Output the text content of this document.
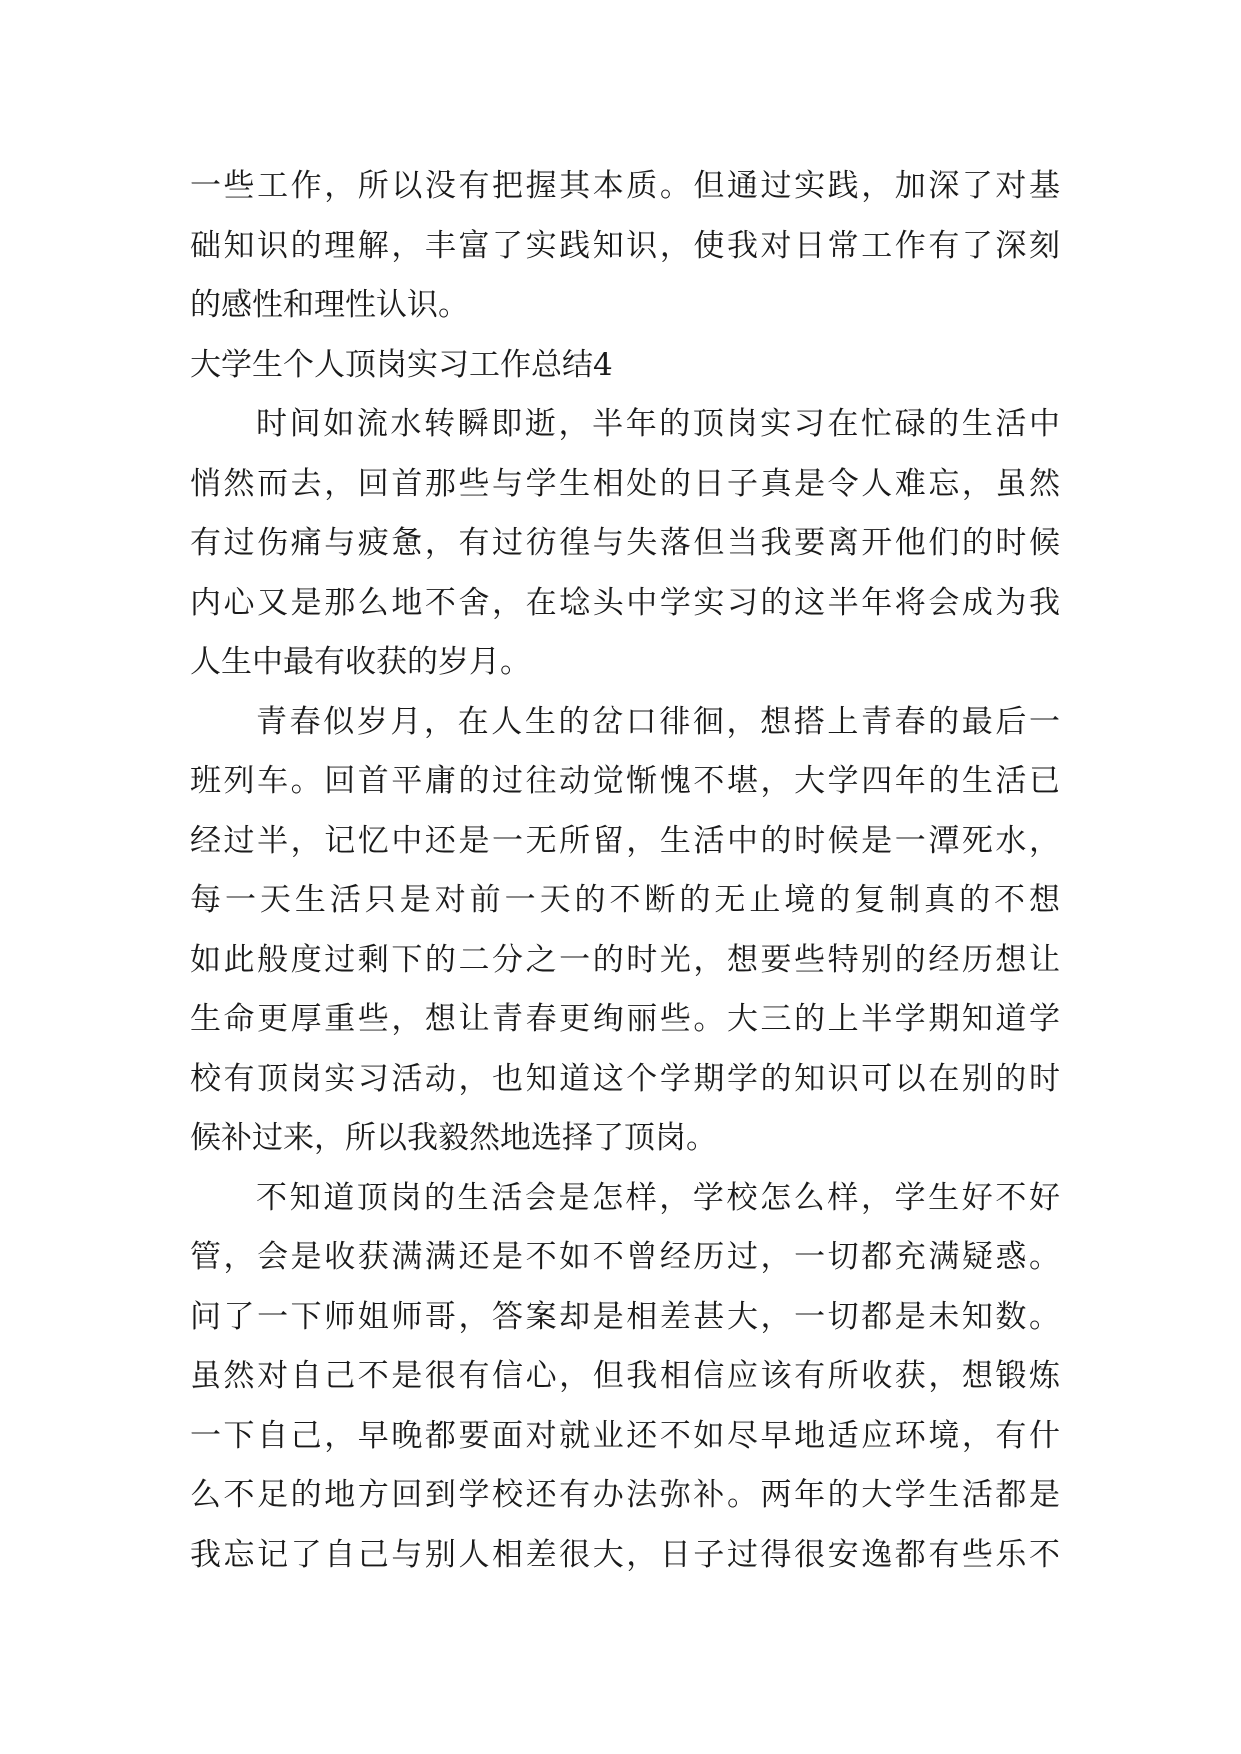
一些工作，所以没有把握其本质。但通过实践，加深了对基
础知识的理解，丰富了实践知识，使我对日常工作有了深刻
的感性和理性认识。
大学生个人顶岗实习工作总结4
时间如流水转瞬即逝，半年的顶岗实习在忙碌的生活中
悄然而去，回首那些与学生相处的日子真是令人难忘，虽然
有过伤痛与疲惫，有过彷徨与失落但当我要离开他们的时候
内心又是那么地不舍，在埝头中学实习的这半年将会成为我
人生中最有收获的岁月。
青春似岁月，在人生的岔口徘徊，想搭上青春的最后一
班列车。回首平庸的过往动觉惭愧不堪，大学四年的生活已
经过半，记忆中还是一无所留，生活中的时候是一潭死水，
每一天生活只是对前一天的不断的无止境的复制真的不想
如此般度过剩下的二分之一的时光，想要些特别的经历想让
生命更厚重些，想让青春更绚丽些。大三的上半学期知道学
校有顶岗实习活动，也知道这个学期学的知识可以在别的时
候补过来，所以我毅然地选择了顶岗。
不知道顶岗的生活会是怎样，学校怎么样，学生好不好
管，会是收获满满还是不如不曾经历过，一切都充满疑惑。
问了一下师姐师哥，答案却是相差甚大，一切都是未知数。
虽然对自己不是很有信心，但我相信应该有所收获，想锻炼
一下自己，早晚都要面对就业还不如尽早地适应环境，有什
么不足的地方回到学校还有办法弥补。两年的大学生活都是
我忘记了自己与别人相差很大，日子过得很安逸都有些乐不
